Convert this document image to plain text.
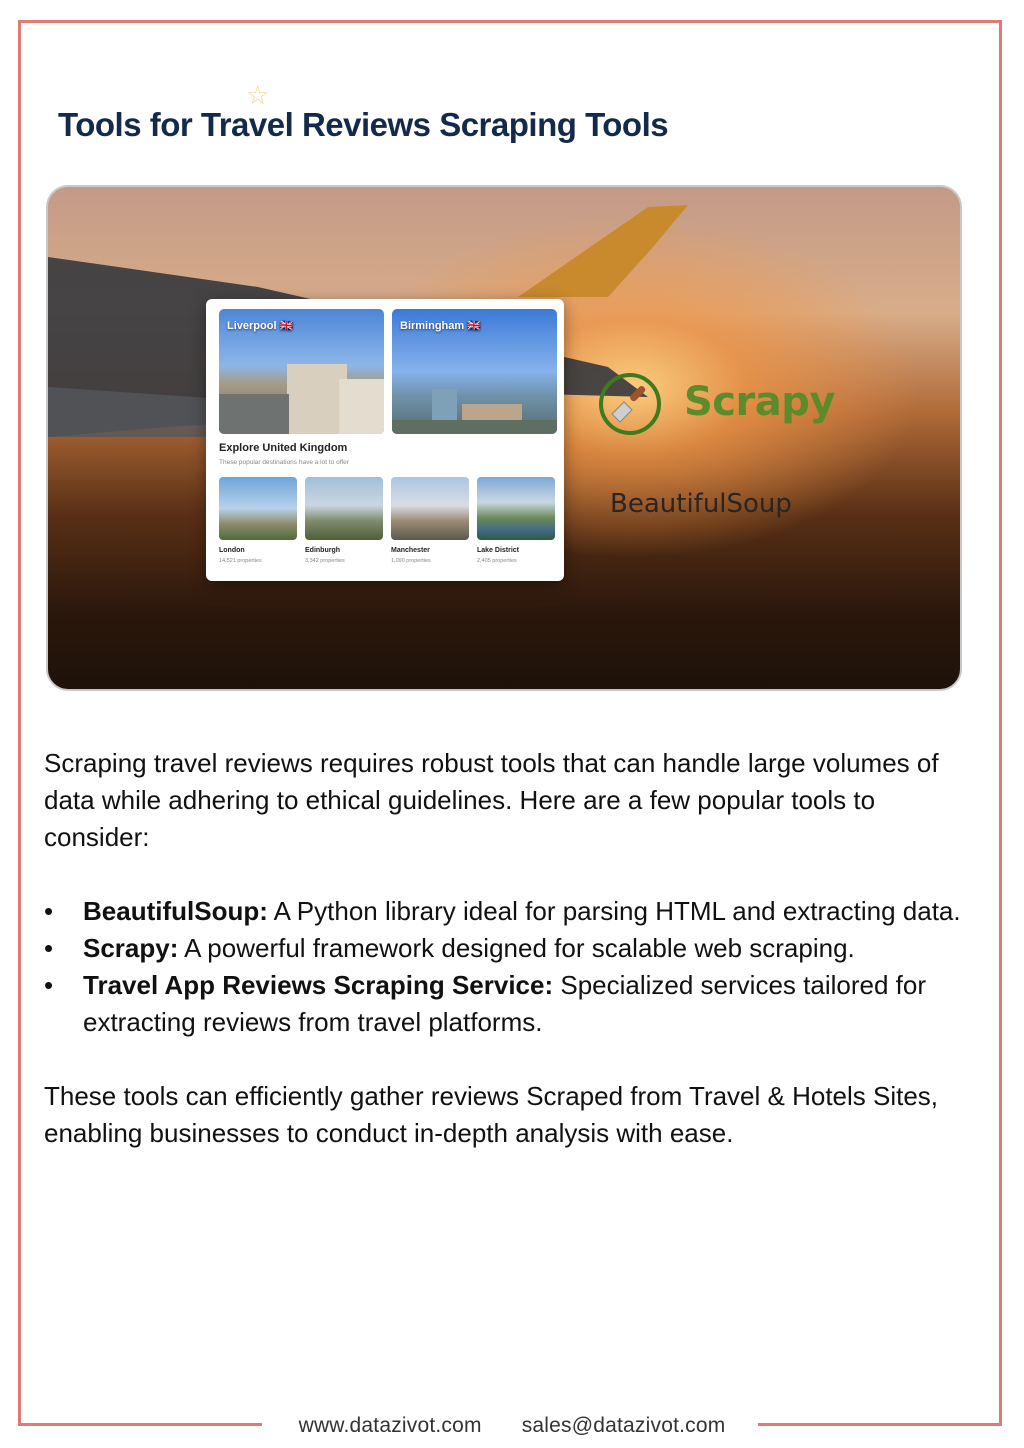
☆
Tools for Travel Reviews Scraping Tools
Liverpool 🇬🇧	Birmingham 🇬🇧
Explore United Kingdom
These popular destinations have a lot to offer
London
14,521 properties
Edinburgh
3,342 properties
Manchester
1,090 properties
Lake District
2,405 properties
Scrapy
BeautifulSoup

Scraping travel reviews requires robust tools that can handle large volumes of data while adhering to ethical guidelines. Here are a few popular tools to consider:

• BeautifulSoup: A Python library ideal for parsing HTML and extracting data.
• Scrapy: A powerful framework designed for scalable web scraping.
• Travel App Reviews Scraping Service: Specialized services tailored for extracting reviews from travel platforms.

These tools can efficiently gather reviews Scraped from Travel & Hotels Sites, enabling businesses to conduct in-depth analysis with ease.

www.datazivot.com sales@datazivot.com
